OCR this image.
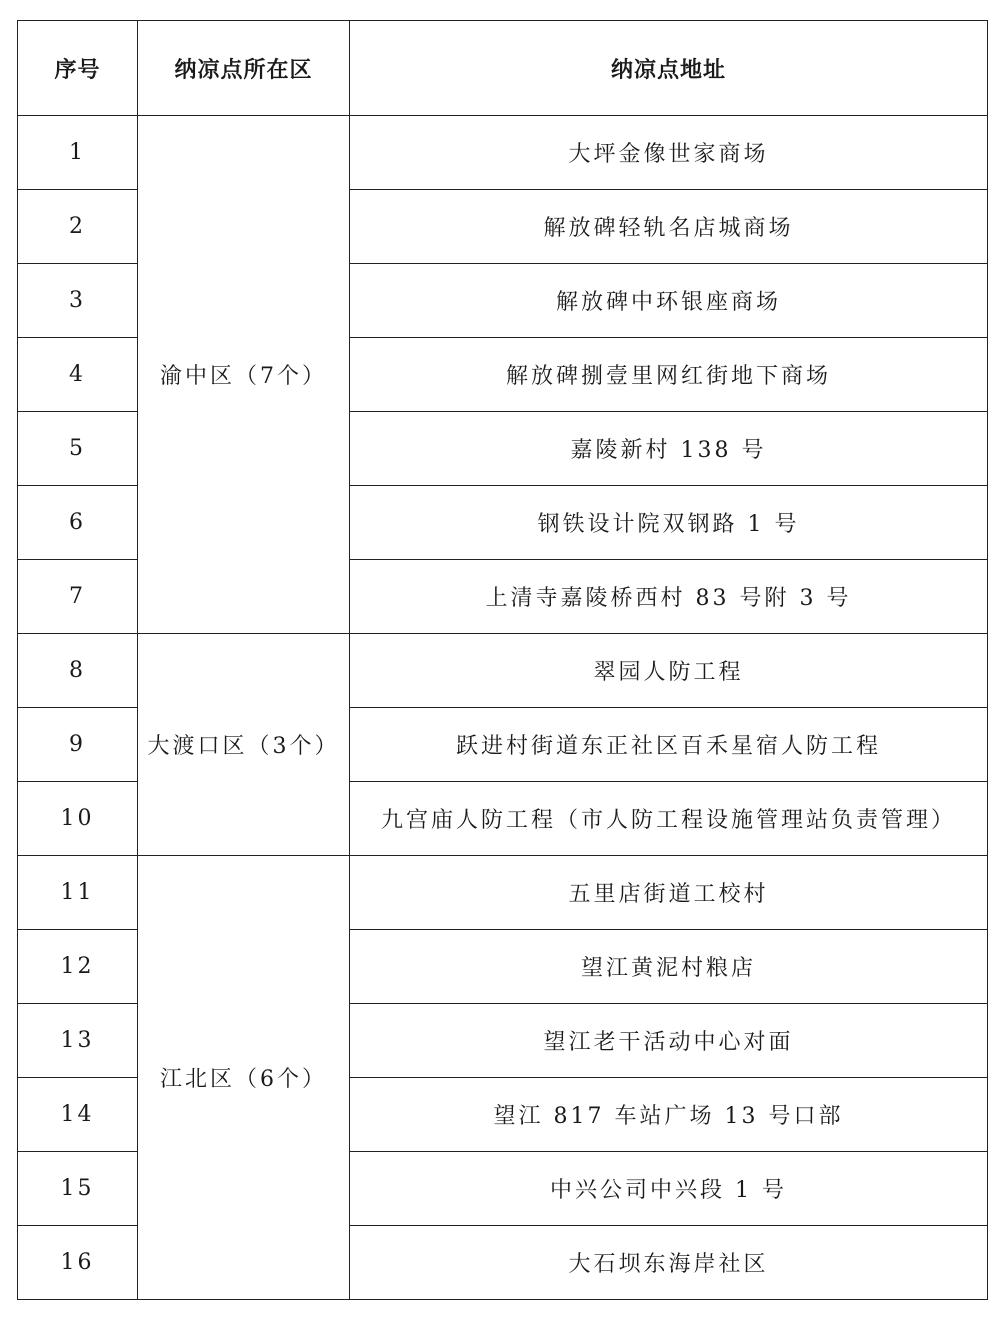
序号	纳凉点所在区	纳凉点地址
1	渝中区（7个）	大坪金像世家商场
2		解放碑轻轨名店城商场
3		解放碑中环银座商场
4		解放碑捌壹里网红街地下商场
5		嘉陵新村 138 号
6		钢铁设计院双钢路 1 号
7		上清寺嘉陵桥西村 83 号附 3 号
8	大渡口区（3个）	翠园人防工程
9		跃进村街道东正社区百禾星宿人防工程
10		九宫庙人防工程（市人防工程设施管理站负责管理）
11	江北区（6个）	五里店街道工校村
12		望江黄泥村粮店
13		望江老干活动中心对面
14		望江 817 车站广场 13 号口部
15		中兴公司中兴段 1 号
16		大石坝东海岸社区
